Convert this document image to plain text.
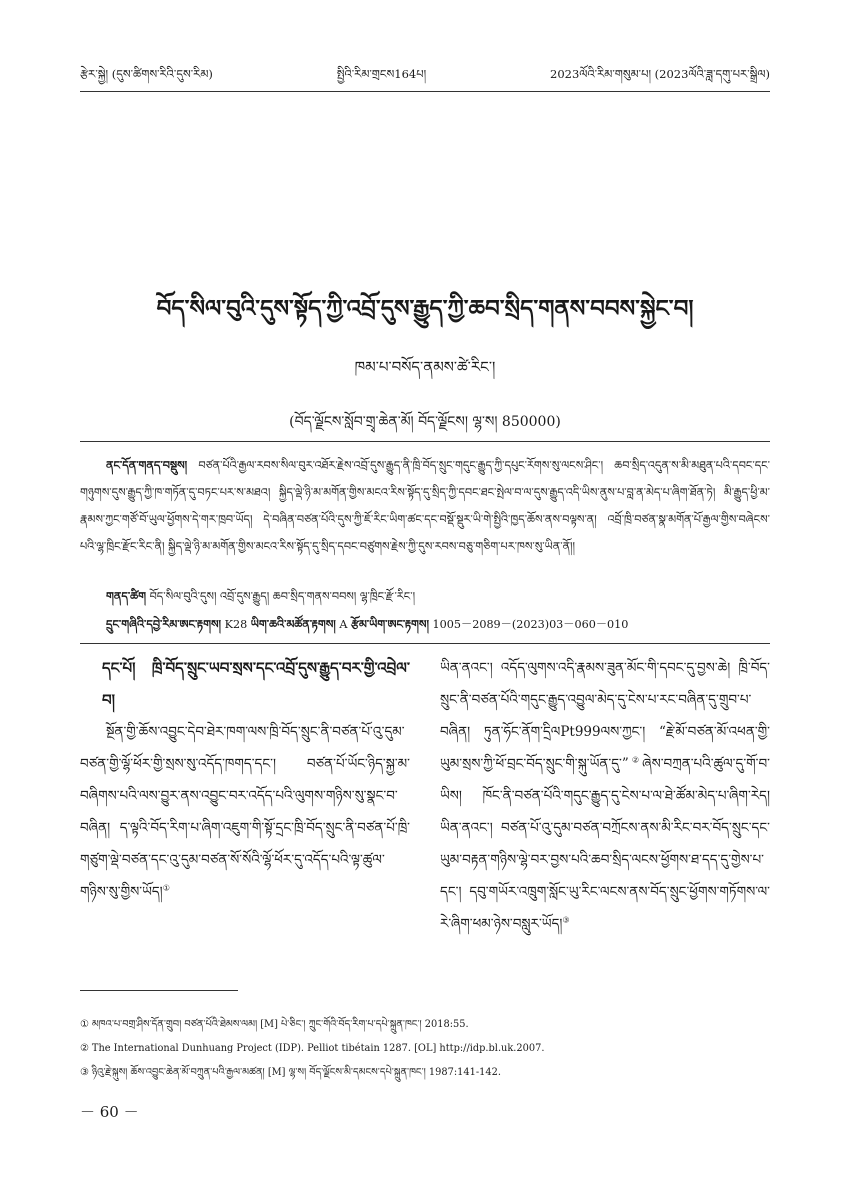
རྩེར་སྐྱེ། (དུས་ཚིགས་རིའི་དུས་རིམ)	སྤྱིའི་རིམ་གྲངས164པ།	2023ལོའི་རིམ་གསུམ་པ། (2023ལོའི་ཟླ་དགུ་པར་སྒྲིལ)
བོད་སིལ་བུའི་དུས་སྟོད་ཀྱི་འབྲོ་དུས་རྒྱུད་ཀྱི་ཆབ་སྲིད་གནས་བབས་སྐྱེང་བ།
ཁམ་པ་བསོད་ནམས་ཚེ་རིང་།
(བོད་ལྗོངས་སློབ་གྲྭ་ཆེན་མོ། བོད་ལྗོངས། ལྷ་ས། 850000)

ནང་དོན་གནད་བསྡུས། བཙན་པོའི་རྒྱལ་རབས་སིལ་བུར་འཐོར་རྗེས་འབྲོ་དུས་རྒྱུད་ནི་ཁྲི་བོད་སྲུང་གདུང་རྒྱུད་ཀྱི་དཔུང་རོགས་སུ་ལངས་ཤིང་། ཆབ་སྲིད་འདུན་ས་མི་མཐུན་པའི་དབང་དང་གཉུགས་དུས་རྒྱུད་ཀྱི་ཁ་གཏོན་དུ་བཏང་པར་ས་མཐའ། སྐྱིད་ལྡེ་ཉི་མ་མགོན་གྱིས་མངའ་རིས་སྟོད་དུ་སྲིད་ཀྱི་དབང་ཐང་སྤེལ་བ་ལ་དུས་རྒྱུད་འདི་ཡིས་ནུས་པ་བླ་ན་མེད་པ་ཞིག་ཐོན་ཏེ། མི་རྒྱུད་ཕྱི་མ་རྣམས་ཀྱང་གཙོ་བོ་ཡུལ་ཕྱོགས་དེ་གར་ཁྲབ་ཡོད། དེ་བཞིན་བཙན་པོའི་དུས་ཀྱི་ཇོ་རིང་ཡིག་ཚང་དང་བསྡོ་སྡུར་ཡི་གེ་སྤྱིའི་ཁྱད་ཆོས་ནས་བལྟས་ན། འབྲོ་ཁྲི་བཙན་སྣ་མགོན་པོ་རྒྱལ་གྱིས་བཞེངས་པའི་ལྷ་ཁྲིང་རྫོང་རིང་ནི། སྐྱིད་ལྡེ་ཉི་མ་མགོན་གྱིས་མངའ་རིས་སྟོད་དུ་སྲིད་དབང་བཙུགས་རྗེས་ཀྱི་དུས་རབས་བཅུ་གཅིག་པར་ཁས་སུ་ཡིན་ནོ།།

གནད་ཚིག བོད་སིལ་བུའི་དུས། འབྲོ་དུས་རྒྱུད། ཆབ་སྲིད་གནས་བབས། ལྷ་ཁྲིང་རྫོ་རིང་།
དྲུང་གཞིའི་དབྱེ་རིམ་ཨང་རྟགས། K28 ཡིག་ཆའི་མཚོན་རྟགས། A རྩོམ་ཡིག་ཨང་རྟགས། 1005－2089－(2023)03－060－010

དང་པོ། ཁྲི་བོད་སྲུང་ཡབ་སྲས་དང་འབྲོ་དུས་རྒྱུད་བར་གྱི་འབྲེལ་བ།

སྔོན་གྱི་ཆོས་འབྱུང་དེབ་ཐེར་ཁག་ལས་ཁྲི་བོད་སྲུང་ནི་བཙན་པོ་འུ་དུམ་བཙན་གྱི་ལྷོ་ཕོར་གྱི་སྲས་སུ་འདོད་ཁགད་དང་། བཙན་པོ་ཡོང་ཉིད་སྐྱ་མ་བཞིགས་པའི་ལས་བྱུར་ནས་འབྱུང་བར་འདོད་པའི་ལུགས་གཉིས་སུ་སྣང་བ་བཞིན། ད་ལྟའི་བོད་རིག་པ་ཞིག་འཇུག་གི་སྟོ་དྲང་ཁྲི་བོད་སྲུང་ནི་བཙན་པོ་ཁྲི་གཙུག་ལྡེ་བཙན་དང་འུ་དུམ་བཙན་སོ་སོའི་ལྷོ་ཕོར་དུ་འདོད་པའི་ལྟ་ཚུལ་གཉིས་སུ་གྱིས་ཡོད།①

ཡིན་ནའང་། འདོད་ལུགས་འདི་རྣམས་ཟུན་མོང་གི་དབང་དུ་བྱས་ཆེ། ཁྲི་བོད་སྲུང་ནི་བཙན་པོའི་གདུང་རྒྱུད་འབྱུལ་མེད་དུ་ངེས་པ་རང་བཞིན་དུ་གྲུབ་པ་བཞིན། ཏུན་ཧོང་ནོག་དྲིལPt999ལས་ཀྱང་། “རྗེ་མོ་བཙན་མོ་འཕན་གྱི་ཡུམ་སྲས་ཀྱི་ཕོ་བྲང་བོད་སྲུང་གི་སྐུ་ཡོན་དུ་”②ཞེས་བཀྲན་པའི་ཚུལ་དུ་གོ་བ་ཡིས། ཁོང་ནི་བཙན་པོའི་གདུང་རྒྱུད་དུ་ངེས་པ་ལ་ཐེ་ཚོམ་མེད་པ་ཞིག་རེད། ཡིན་ནའང་། བཙན་པོ་འུ་དུམ་བཙན་བཀྲོངས་ནས་མི་རིང་བར་བོད་སྲུང་དང་ཡུམ་བརྟན་གཉིས་ལྷེ་བར་བྱས་པའི་ཆབ་སྲིད་ལངས་ཕྱོགས་ཐ་དད་དུ་གྱེས་པ་དང་། དབུ་གཡོར་འཁྲུག་སློང་ཡུ་རིང་ལངས་ནས་བོད་སྲུང་ཕྱོགས་གཏོགས་ལ་རེ་ཞིག་ཕམ་ཉེས་བསླུར་ཡོད།③

① མཁའ་པ་བགྲ་ཤིས་དོན་གྲུབ། བཙན་པོའི་ཐེམས་ལམ། [M] པེ་ཅིང་། ཀྲུང་གོའི་བོད་རིག་པ་དཔེ་སྐྲུན་ཁང་། 2018:55.
② The International Dunhuang Project (IDP). Pelliot tibétain 1287. [OL] http://idp.bl.uk.2007.
③ ཉིའུ་རྗེ་སྐུས། ཆོས་འབྱུང་ཆེན་མོ་བཀྲུན་པའི་རྒྱལ་མཚན། [M] ལྷ་ས། བོད་ལྗོངས་མི་དམངས་དཔེ་སྐྲུན་ཁང་། 1987:141-142.
－ 60 －
